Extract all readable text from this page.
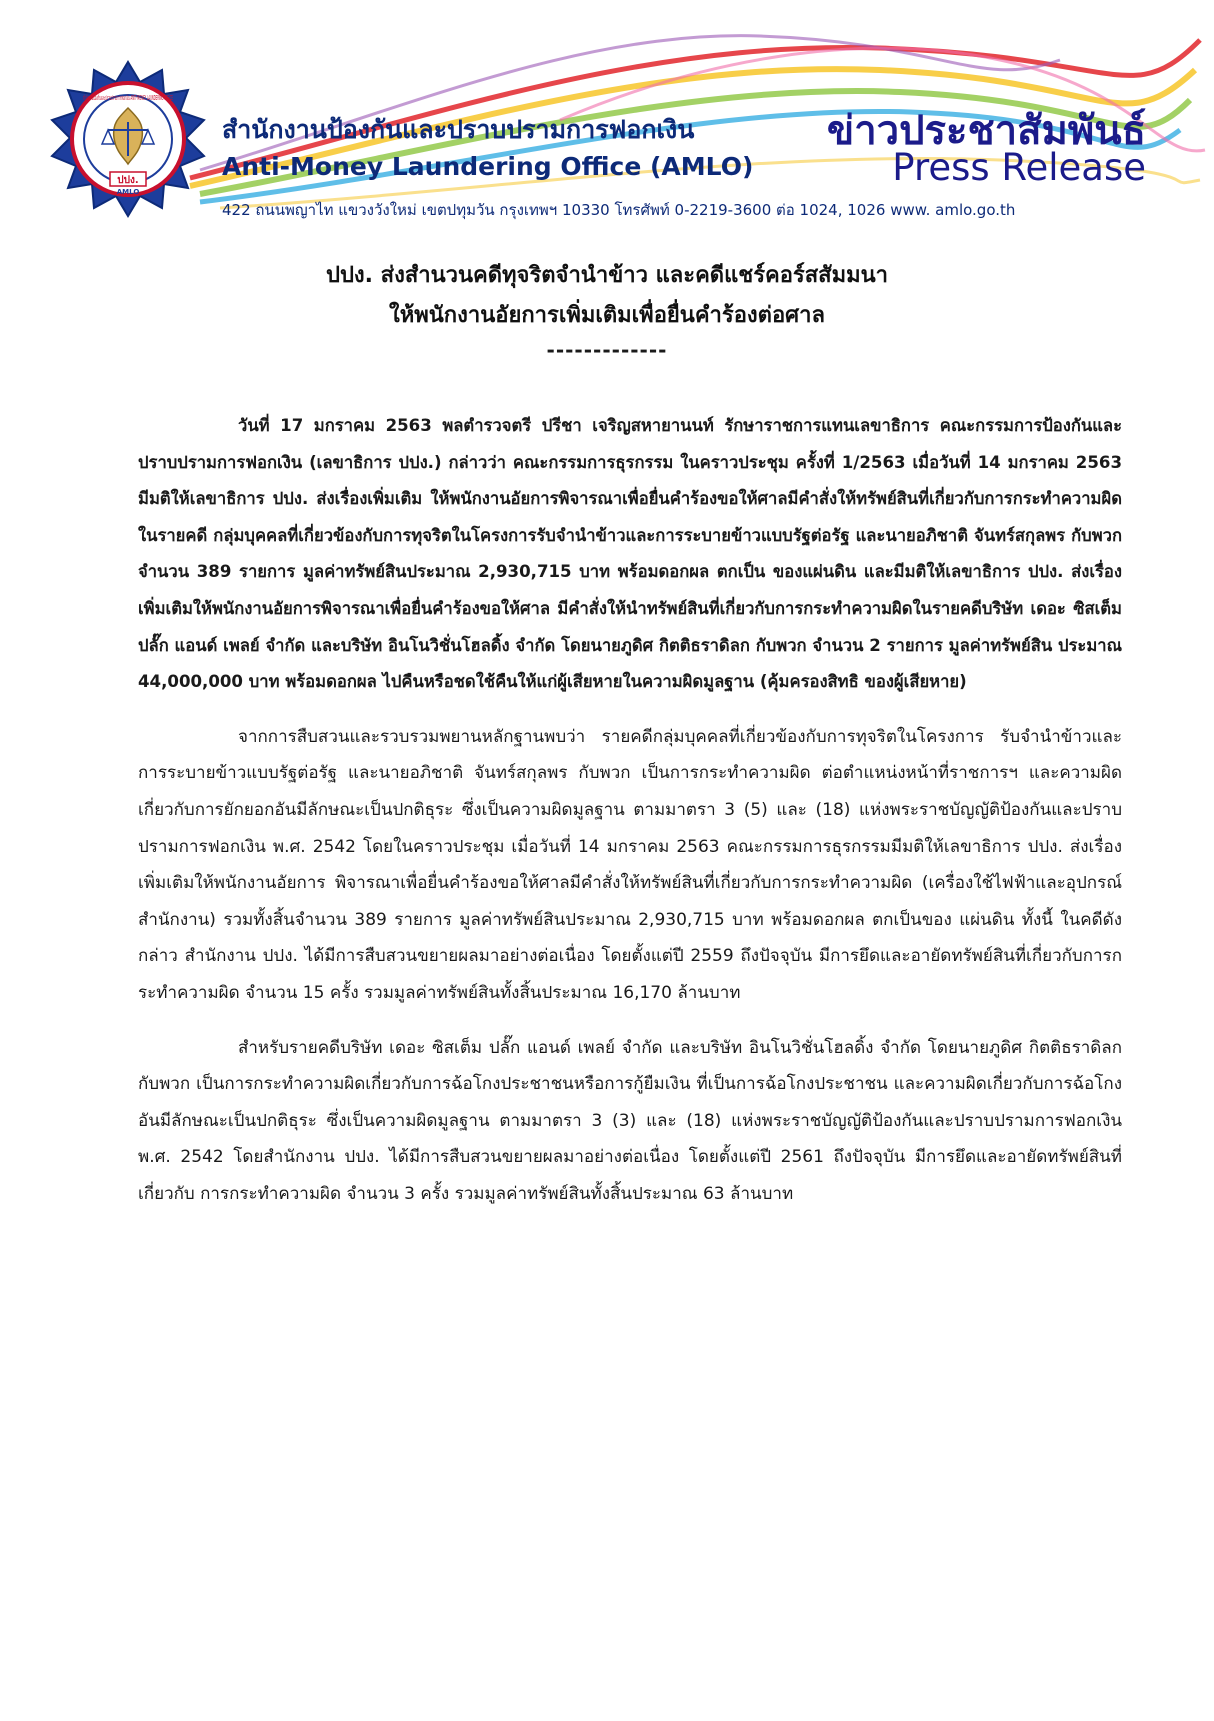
สำนักงานป้องกันและปราบปรามการฟอกเงิน ANTI-MONEY LAUNDERING OFFICE
ปปง.
AMLO
สำนักงานป้องกันและปราบปรามการฟอกเงิน
Anti-Money Laundering Office (AMLO)
422 ถนนพญาไท แขวงวังใหม่ เขตปทุมวัน กรุงเทพฯ 10330 โทรศัพท์ 0-2219-3600 ต่อ 1024, 1026 www. amlo.go.th
ข่าวประชาสัมพันธ์
Press Release
ปปง. ส่งสำนวนคดีทุจริตจำนำข้าว และคดีแชร์คอร์สสัมมนา
ให้พนักงานอัยการเพิ่มเติมเพื่อยื่นคำร้องต่อศาล
-------------

วันที่ 17 มกราคม 2563 พลตำรวจตรี ปรีชา เจริญสหายานนท์ รักษาราชการแทนเลขาธิการ คณะกรรมการป้องกันและปราบปรามการฟอกเงิน (เลขาธิการ ปปง.) กล่าวว่า คณะกรรมการธุรกรรม ในคราวประชุม ครั้งที่ 1/2563 เมื่อวันที่ 14 มกราคม 2563 มีมติให้เลขาธิการ ปปง. ส่งเรื่องเพิ่มเติม ให้พนักงานอัยการพิจารณาเพื่อยื่นคำร้องขอให้ศาลมีคำสั่งให้ทรัพย์สินที่เกี่ยวกับการกระทำความผิดในรายคดี กลุ่มบุคคลที่เกี่ยวข้องกับการทุจริตในโครงการรับจำนำข้าวและการระบายข้าวแบบรัฐต่อรัฐ และนายอภิชาติ จันทร์สกุลพร กับพวก จำนวน 389 รายการ มูลค่าทรัพย์สินประมาณ 2,930,715 บาท พร้อมดอกผล ตกเป็น ของแผ่นดิน และมีมติให้เลขาธิการ ปปง. ส่งเรื่องเพิ่มเติมให้พนักงานอัยการพิจารณาเพื่อยื่นคำร้องขอให้ศาล มีคำสั่งให้นำทรัพย์สินที่เกี่ยวกับการกระทำความผิดในรายคดีบริษัท เดอะ ซิสเต็ม ปลั๊ก แอนด์ เพลย์ จำกัด และบริษัท อินโนวิชั่นโฮลดิ้ง จำกัด โดยนายภูดิศ กิตติธราดิลก กับพวก จำนวน 2 รายการ มูลค่าทรัพย์สิน ประมาณ 44,000,000 บาท พร้อมดอกผล ไปคืนหรือชดใช้คืนให้แก่ผู้เสียหายในความผิดมูลฐาน (คุ้มครองสิทธิ ของผู้เสียหาย)

จากการสืบสวนและรวบรวมพยานหลักฐานพบว่า รายคดีกลุ่มบุคคลที่เกี่ยวข้องกับการทุจริตในโครงการ รับจำนำข้าวและการระบายข้าวแบบรัฐต่อรัฐ และนายอภิชาติ จันทร์สกุลพร กับพวก เป็นการกระทำความผิด ต่อตำแหน่งหน้าที่ราชการฯ และความผิดเกี่ยวกับการยักยอกอันมีลักษณะเป็นปกติธุระ ซึ่งเป็นความผิดมูลฐาน ตามมาตรา 3 (5) และ (18) แห่งพระราชบัญญัติป้องกันและปราบปรามการฟอกเงิน พ.ศ. 2542 โดยในคราวประชุม เมื่อวันที่ 14 มกราคม 2563 คณะกรรมการธุรกรรมมีมติให้เลขาธิการ ปปง. ส่งเรื่องเพิ่มเติมให้พนักงานอัยการ พิจารณาเพื่อยื่นคำร้องขอให้ศาลมีคำสั่งให้ทรัพย์สินที่เกี่ยวกับการกระทำความผิด (เครื่องใช้ไฟฟ้าและอุปกรณ์ สำนักงาน) รวมทั้งสิ้นจำนวน 389 รายการ มูลค่าทรัพย์สินประมาณ 2,930,715 บาท พร้อมดอกผล ตกเป็นของ แผ่นดิน ทั้งนี้ ในคดีดังกล่าว สำนักงาน ปปง. ได้มีการสืบสวนขยายผลมาอย่างต่อเนื่อง โดยตั้งแต่ปี 2559 ถึงปัจจุบัน มีการยึดและอายัดทรัพย์สินที่เกี่ยวกับการกระทำความผิด จำนวน 15 ครั้ง รวมมูลค่าทรัพย์สินทั้งสิ้นประมาณ 16,170 ล้านบาท

สำหรับรายคดีบริษัท เดอะ ซิสเต็ม ปลั๊ก แอนด์ เพลย์ จำกัด และบริษัท อินโนวิชั่นโฮลดิ้ง จำกัด โดยนายภูดิศ กิตติธราดิลก กับพวก เป็นการกระทำความผิดเกี่ยวกับการฉ้อโกงประชาชนหรือการกู้ยืมเงิน ที่เป็นการฉ้อโกงประชาชน และความผิดเกี่ยวกับการฉ้อโกงอันมีลักษณะเป็นปกติธุระ ซึ่งเป็นความผิดมูลฐาน ตามมาตรา 3 (3) และ (18) แห่งพระราชบัญญัติป้องกันและปราบปรามการฟอกเงิน พ.ศ. 2542 โดยสำนักงาน ปปง. ได้มีการสืบสวนขยายผลมาอย่างต่อเนื่อง โดยตั้งแต่ปี 2561 ถึงปัจจุบัน มีการยึดและอายัดทรัพย์สินที่เกี่ยวกับ การกระทำความผิด จำนวน 3 ครั้ง รวมมูลค่าทรัพย์สินทั้งสิ้นประมาณ 63 ล้านบาท
